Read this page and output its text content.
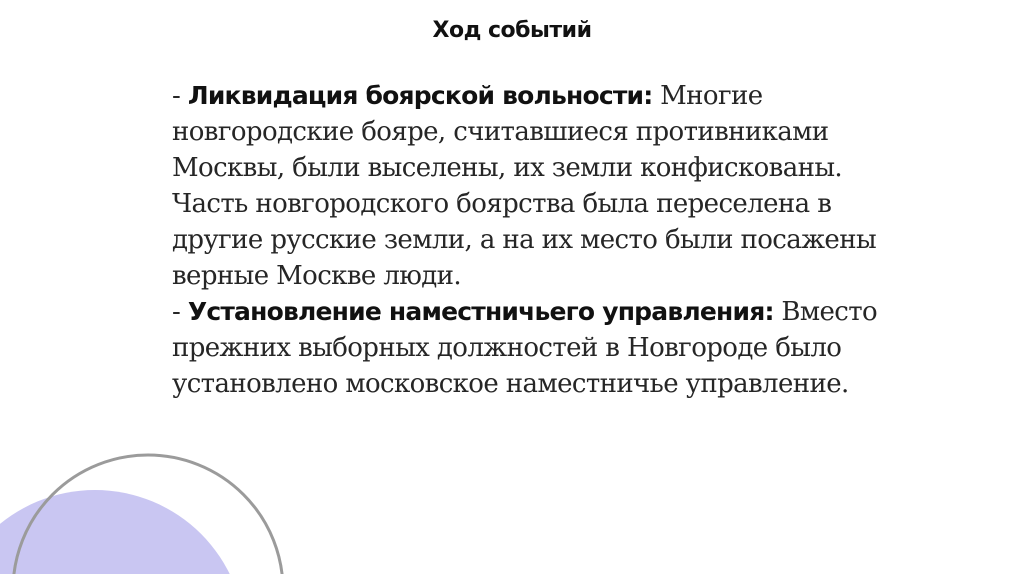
Ход событий

- Ликвидация боярской вольности: Многие новгородские бояре, считавшиеся противниками Москвы, были выселены, их земли конфискованы. Часть новгородского боярства была переселена в другие русские земли, а на их место были посажены верные Москве люди.

- Установление наместничьего управления: Вместо прежних выборных должностей в Новгороде было установлено московское наместничье управление.
